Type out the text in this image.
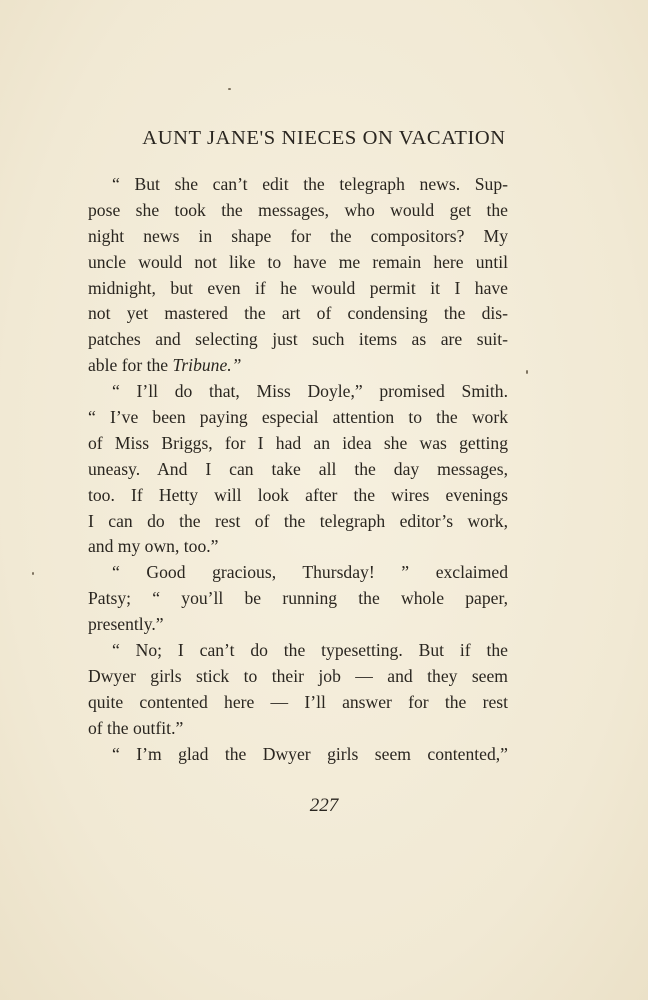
AUNT JANE'S NIECES ON VACATION
“ But she can’t edit the telegraph news. Sup-
pose she took the messages, who would get the
night news in shape for the compositors? My
uncle would not like to have me remain here until
midnight, but even if he would permit it I have
not yet mastered the art of condensing the dis-
patches and selecting just such items as are suit-
able for the Tribune.”
“ I’ll do that, Miss Doyle,” promised Smith.
“ I’ve been paying especial attention to the work
of Miss Briggs, for I had an idea she was getting
uneasy. And I can take all the day messages,
too. If Hetty will look after the wires evenings
I can do the rest of the telegraph editor’s work,
and my own, too.”
“ Good gracious, Thursday! ” exclaimed
Patsy; “ you’ll be running the whole paper,
presently.”
“ No; I can’t do the typesetting. But if the
Dwyer girls stick to their job — and they seem
quite contented here — I’ll answer for the rest
of the outfit.”
“ I’m glad the Dwyer girls seem contented,”
227
